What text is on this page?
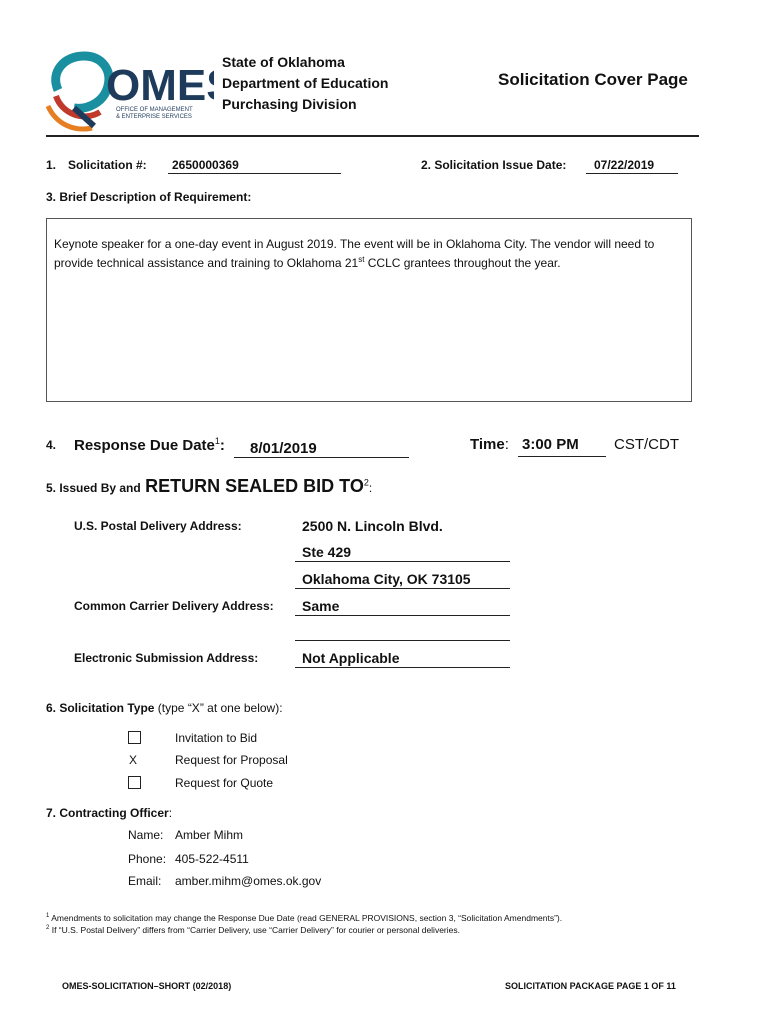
OME
OFFICE OF MANAGEMENT
& ENTERPRISE SERVICES
State of Oklahoma
Department of Education
Purchasing Division
Solicitation Cover Page
1. Solicitation #:	2650000369	2. Solicitation Issue Date:	07/22/2019
3. Brief Description of Requirement:
Keynote speaker for a one-day event in August 2019. The event will be in Oklahoma City. The vendor will need to provide technical assistance and training to Oklahoma 21st CCLC grantees throughout the year.
4. Response Due Date$^1$:	8/01/2019	Time: 3:00 PM	CST/CDT
5. Issued By and RETURN SEALED BID $TO^2$:
U.S. Postal Delivery Address:	2500 N. Lincoln Blvd.
Ste 429
Oklahoma City, OK 73105
Common Carrier Delivery Address:	Same
Electronic Submission Address:	Not Applicable
6. Solicitation Type (type “X” at one below):
Invitation to Bid
X	Request for Proposal
Request for Quote
7. Contracting Officer:
Name: Amber Mihm
Phone: 405-522-4511
Email: amber.mihm@omes.ok.gov
$^1$ Amendments to solicitation may change the Response Due Date (read GENERAL PROVISIONS, section 3, “Solicitation Amendments”).
$^2$ If “U.S. Postal Delivery” differs from “Carrier Delivery, use “Carrier Delivery” for courier or personal deliveries.
OMES-SOLICITATION–SHORT (02/2018)	SOLICITATION PACKAGE PAGE 1 OF 11
